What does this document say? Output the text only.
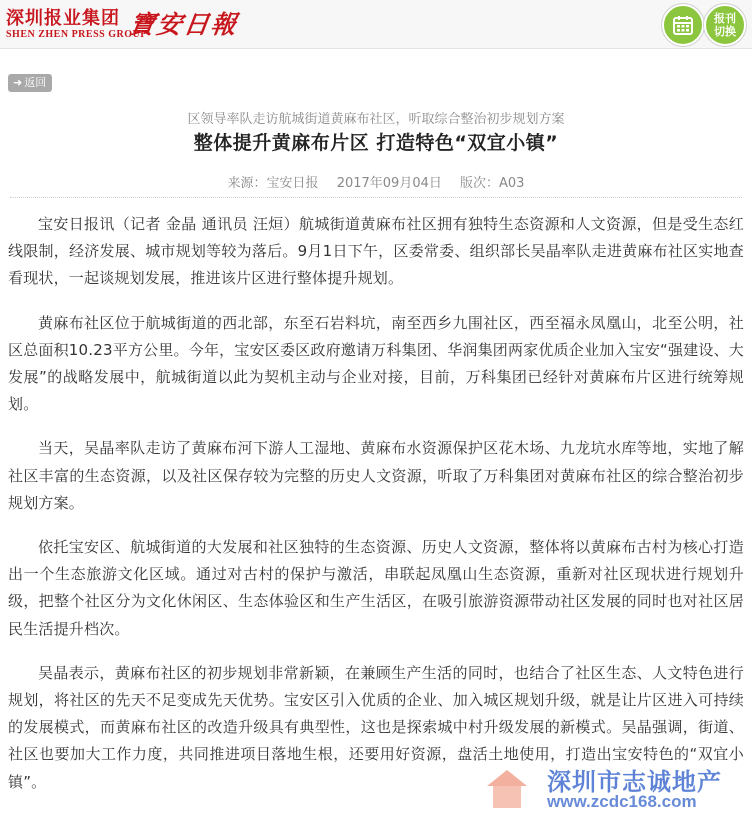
深圳报业集团
SHEN ZHEN PRESS GROUP
寶安日報	报刊
切换
➜ 返回
区领导率队走访航城街道黄麻布社区，听取综合整治初步规划方案
整体提升黄麻布片区 打造特色“双宜小镇”
来源：宝安日报 2017年09月04日 版次：A03

宝安日报讯（记者 金晶 通讯员 汪烜）航城街道黄麻布社区拥有独特生态资源和人文资源，但是受生态红线限制，经济发展、城市规划等较为落后。9月1日下午，区委常委、组织部长吴晶率队走进黄麻布社区实地查看现状，一起谈规划发展，推进该片区进行整体提升规划。

黄麻布社区位于航城街道的西北部，东至石岩料坑，南至西乡九围社区，西至福永凤凰山，北至公明，社区总面积10.23平方公里。今年，宝安区委区政府邀请万科集团、华润集团两家优质企业加入宝安“强建设、大发展”的战略发展中，航城街道以此为契机主动与企业对接，目前，万科集团已经针对黄麻布片区进行统筹规划。

当天，吴晶率队走访了黄麻布河下游人工湿地、黄麻布水资源保护区花木场、九龙坑水库等地，实地了解社区丰富的生态资源，以及社区保存较为完整的历史人文资源，听取了万科集团对黄麻布社区的综合整治初步规划方案。

依托宝安区、航城街道的大发展和社区独特的生态资源、历史人文资源，整体将以黄麻布古村为核心打造出一个生态旅游文化区域。通过对古村的保护与激活，串联起凤凰山生态资源，重新对社区现状进行规划升级，把整个社区分为文化休闲区、生态体验区和生产生活区，在吸引旅游资源带动社区发展的同时也对社区居民生活提升档次。

吴晶表示，黄麻布社区的初步规划非常新颖，在兼顾生产生活的同时，也结合了社区生态、人文特色进行规划，将社区的先天不足变成先天优势。宝安区引入优质的企业、加入城区规划升级，就是让片区进入可持续的发展模式，而黄麻布社区的改造升级具有典型性，这也是探索城中村升级发展的新模式。吴晶强调，街道、社区也要加大工作力度，共同推进项目落地生根，还要用好资源，盘活土地使用，打造出宝安特色的“双宜小镇”。	深圳市志诚地产
www.zcdc168.com
